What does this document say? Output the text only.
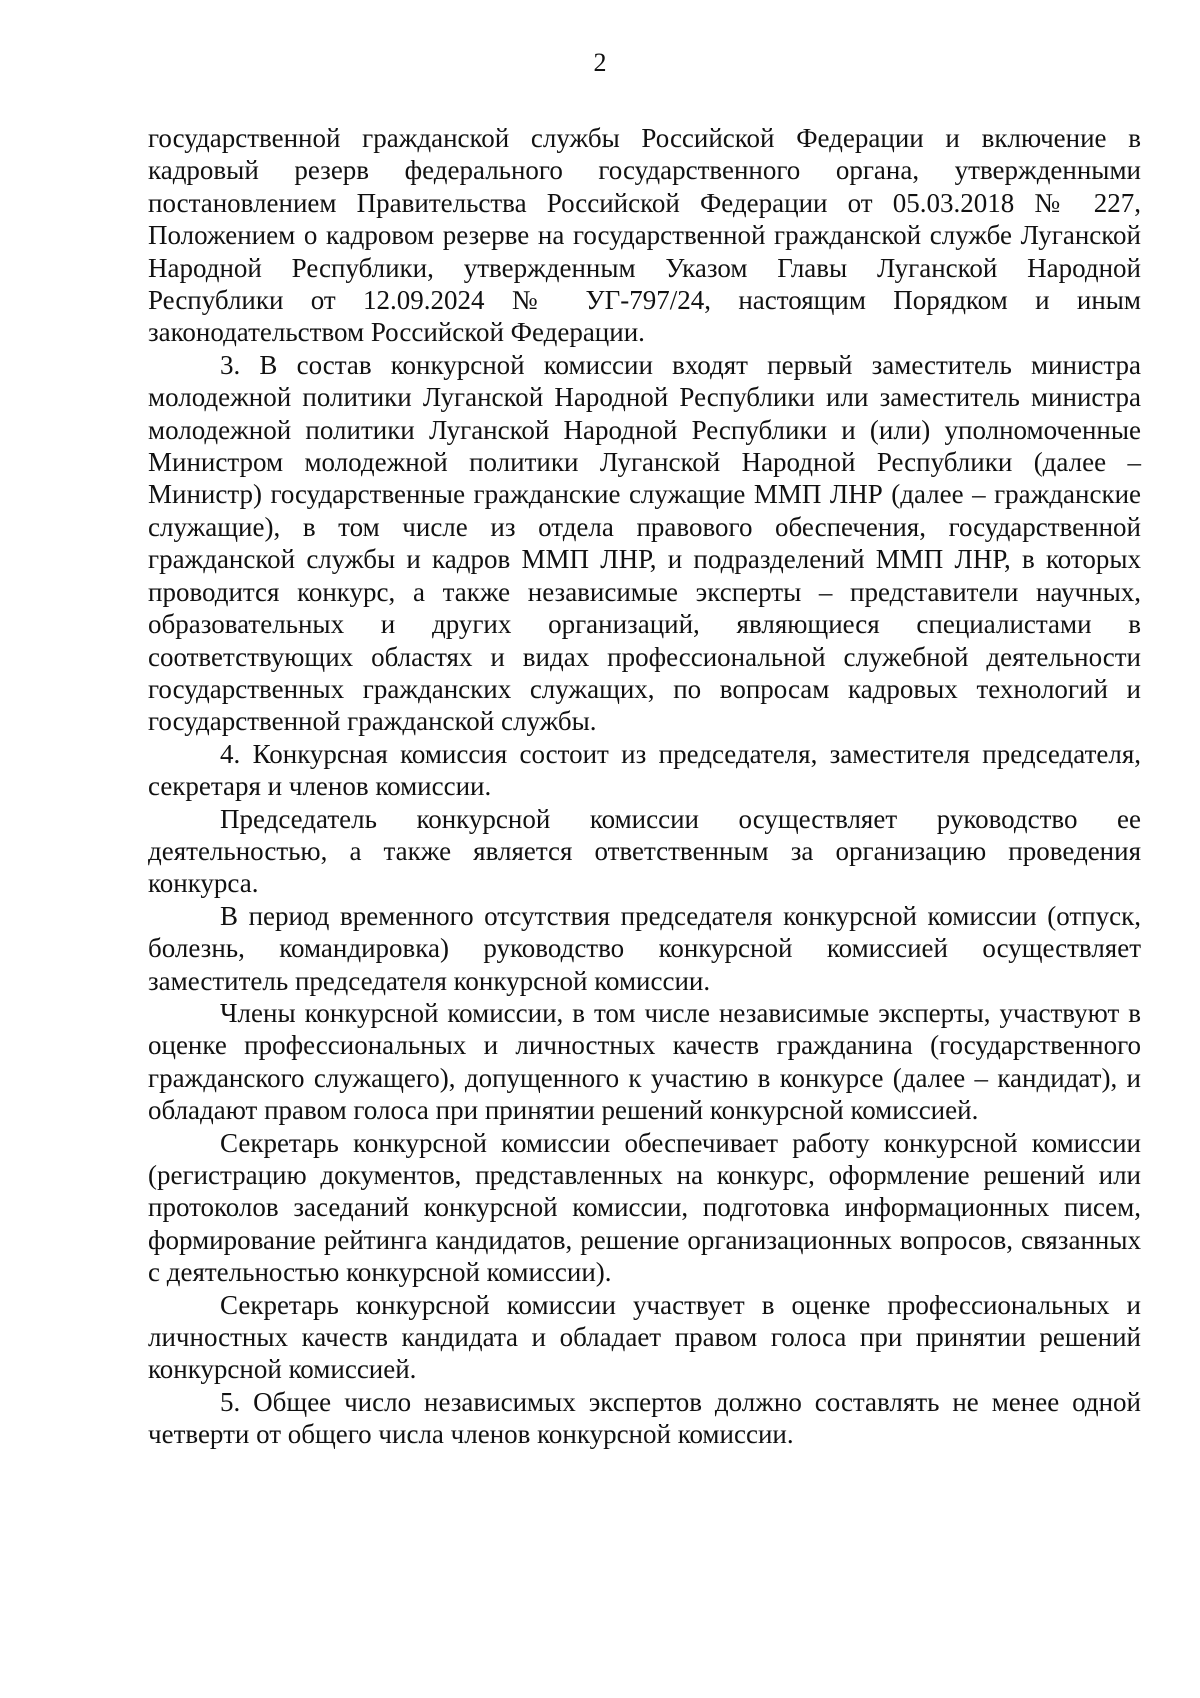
2

государственной гражданской службы Российской Федерации и включение в кадровый резерв федерального государственного органа, утвержденными постановлением Правительства Российской Федерации от 05.03.2018 № 227, Положением о кадровом резерве на государственной гражданской службе Луганской Народной Республики, утвержденным Указом Главы Луганской Народной Республики от 12.09.2024 № УГ-797/24, настоящим Порядком и иным законодательством Российской Федерации.

3. В состав конкурсной комиссии входят первый заместитель министра молодежной политики Луганской Народной Республики или заместитель министра молодежной политики Луганской Народной Республики и (или) уполномоченные Министром молодежной политики Луганской Народной Республики (далее – Министр) государственные гражданские служащие ММП ЛНР (далее – гражданские служащие), в том числе из отдела правового обеспечения, государственной гражданской службы и кадров ММП ЛНР, и подразделений ММП ЛНР, в которых проводится конкурс, а также независимые эксперты – представители научных, образовательных и других организаций, являющиеся специалистами в соответствующих областях и видах профессиональной служебной деятельности государственных гражданских служащих, по вопросам кадровых технологий и государственной гражданской службы.

4. Конкурсная комиссия состоит из председателя, заместителя председателя, секретаря и членов комиссии.

Председатель конкурсной комиссии осуществляет руководство ее деятельностью, а также является ответственным за организацию проведения конкурса.

В период временного отсутствия председателя конкурсной комиссии (отпуск, болезнь, командировка) руководство конкурсной комиссией осуществляет заместитель председателя конкурсной комиссии.

Члены конкурсной комиссии, в том числе независимые эксперты, участвуют в оценке профессиональных и личностных качеств гражданина (государственного гражданского служащего), допущенного к участию в конкурсе (далее – кандидат), и обладают правом голоса при принятии решений конкурсной комиссией.

Секретарь конкурсной комиссии обеспечивает работу конкурсной комиссии (регистрацию документов, представленных на конкурс, оформление решений или протоколов заседаний конкурсной комиссии, подготовка информационных писем, формирование рейтинга кандидатов, решение организационных вопросов, связанных с деятельностью конкурсной комиссии).

Секретарь конкурсной комиссии участвует в оценке профессиональных и личностных качеств кандидата и обладает правом голоса при принятии решений конкурсной комиссией.

5. Общее число независимых экспертов должно составлять не менее одной четверти от общего числа членов конкурсной комиссии.
